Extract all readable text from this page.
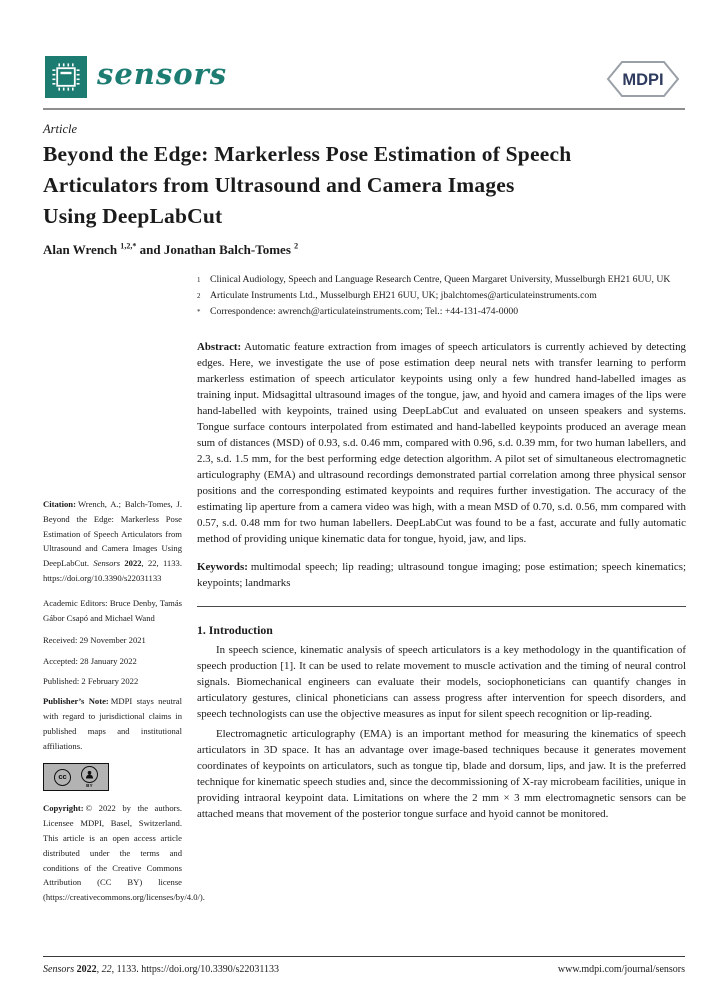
sensors	MDPI
Article
Beyond the Edge: Markerless Pose Estimation of Speech
Articulators from Ultrasound and Camera Images
Using DeepLabCut
Alan Wrench $^{1,2,*}$ and Jonathan Balch-Tomes $^2$
1 Clinical Audiology, Speech and Language Research Centre, Queen Margaret University, Musselburgh EH21 6UU, UK
2 Articulate Instruments Ltd., Musselburgh EH21 6UU, UK; jbalchtomes@articulateinstruments.com
* Correspondence: awrench@articulateinstruments.com; Tel.: +44-131-474-0000
Abstract: Automatic feature extraction from images of speech articulators is currently achieved by detecting edges. Here, we investigate the use of pose estimation deep neural nets with transfer learning to perform markerless estimation of speech articulator keypoints using only a few hundred hand-labelled images as training input. Midsagittal ultrasound images of the tongue, jaw, and hyoid and camera images of the lips were hand-labelled with keypoints, trained using DeepLabCut and evaluated on unseen speakers and systems. Tongue surface contours interpolated from estimated and hand-labelled keypoints produced an average mean sum of distances (MSD) of 0.93, s.d. 0.46 mm, compared with 0.96, s.d. 0.39 mm, for two human labellers, and 2.3, s.d. 1.5 mm, for the best performing edge detection algorithm. A pilot set of simultaneous electromagnetic articulography (EMA) and ultrasound recordings demonstrated partial correlation among three physical sensor positions and the corresponding estimated keypoints and requires further investigation. The accuracy of the estimating lip aperture from a camera video was high, with a mean MSD of 0.70, s.d. 0.56, mm compared with 0.57, s.d. 0.48 mm for two human labellers. DeepLabCut was found to be a fast, accurate and fully automatic method of providing unique kinematic data for tongue, hyoid, jaw, and lips.
Keywords: multimodal speech; lip reading; ultrasound tongue imaging; pose estimation; speech kinematics; keypoints; landmarks
1. Introduction

In speech science, kinematic analysis of speech articulators is a key methodology in the quantification of speech production [1]. It can be used to relate movement to muscle activation and the timing of neural control signals. Biomechanical engineers can evaluate their models, sociophoneticians can quantify changes in articulatory gestures, clinical phoneticians can assess progress after intervention for speech disorders, and speech technologists can use the objective measures as input for silent speech recognition or lip-reading.

Electromagnetic articulography (EMA) is an important method for measuring the kinematics of speech articulators in 3D space. It has an advantage over image-based techniques because it generates movement coordinates of keypoints on articulators, such as tongue tip, blade and dorsum, lips, and jaw. It is the preferred technique for kinematic speech studies and, since the decommissioning of X-ray microbeam facilities, unique in providing intraoral keypoint data. Limitations on where the 2 mm × 3 mm electromagnetic sensors can be attached means that movement of the posterior tongue surface and hyoid cannot be monitored.

Citation: Wrench, A.; Balch-Tomes, J. Beyond the Edge: Markerless Pose Estimation of Speech Articulators from Ultrasound and Camera Images Using DeepLabCut. Sensors 2022, 22, 1133. https://doi.org/10.3390/s22031133
Academic Editors: Bruce Denby, Tamás Gábor Csapó and Michael Wand
Received: 29 November 2021
Accepted: 28 January 2022
Published: 2 February 2022
Publisher’s Note: MDPI stays neutral with regard to jurisdictional claims in published maps and institutional affiliations.
cc
BY
Copyright: © 2022 by the authors. Licensee MDPI, Basel, Switzerland. This article is an open access article distributed under the terms and conditions of the Creative Commons Attribution (CC BY) license (https://creativecommons.org/licenses/by/4.0/).
Sensors 2022, 22, 1133. https://doi.org/10.3390/s22031133	www.mdpi.com/journal/sensors
